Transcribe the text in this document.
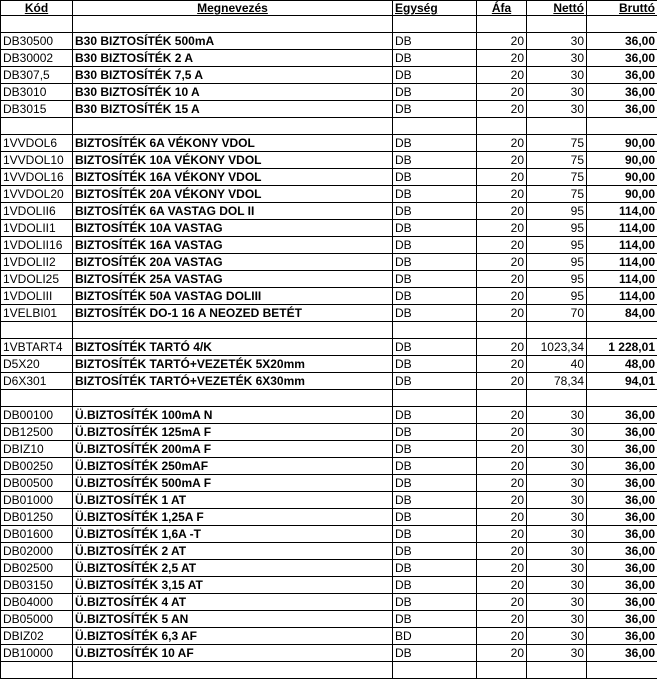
Kód	Megnevezés	Egység	Áfa	Nettó	Bruttó

DB30500	B30 BIZTOSÍTÉK 500mA	DB	20	30	36,00
DB30002	B30 BIZTOSÍTÉK 2 A	DB	20	30	36,00
DB307,5	B30 BIZTOSÍTÉK 7,5 A	DB	20	30	36,00
DB3010	B30 BIZTOSÍTÉK 10 A	DB	20	30	36,00
DB3015	B30 BIZTOSÍTÉK 15 A	DB	20	30	36,00

1VVDOL6	BIZTOSÍTÉK 6A VÉKONY VDOL	DB	20	75	90,00
1VVDOL10	BIZTOSÍTÉK 10A VÉKONY VDOL	DB	20	75	90,00
1VVDOL16	BIZTOSÍTÉK 16A VÉKONY VDOL	DB	20	75	90,00
1VVDOL20	BIZTOSÍTÉK 20A VÉKONY VDOL	DB	20	75	90,00
1VDOLII6	BIZTOSÍTÉK 6A VASTAG DOL II	DB	20	95	114,00
1VDOLII1	BIZTOSÍTÉK 10A VASTAG	DB	20	95	114,00
1VDOLII16	BIZTOSÍTÉK 16A VASTAG	DB	20	95	114,00
1VDOLII2	BIZTOSÍTÉK 20A VASTAG	DB	20	95	114,00
1VDOLI25	BIZTOSÍTÉK 25A VASTAG	DB	20	95	114,00
1VDOLIII	BIZTOSÍTÉK 50A VASTAG DOLIII	DB	20	95	114,00
1VELBI01	BIZTOSÍTÉK DO-1 16 A NEOZED BETÉT	DB	20	70	84,00

1VBTART4	BIZTOSÍTÉK TARTÓ 4/K	DB	20	1023,34	1 228,01
D5X20	BIZTOSÍTÉK TARTÓ+VEZETÉK 5X20mm	DB	20	40	48,00
D6X301	BIZTOSÍTÉK TARTÓ+VEZETÉK 6X30mm	DB	20	78,34	94,01

DB00100	Ü.BIZTOSÍTÉK 100mA N	DB	20	30	36,00
DB12500	Ü.BIZTOSÍTÉK 125mA F	DB	20	30	36,00
DBIZ10	Ü.BIZTOSÍTÉK 200mA F	DB	20	30	36,00
DB00250	Ü.BIZTOSÍTÉK 250mAF	DB	20	30	36,00
DB00500	Ü.BIZTOSÍTÉK 500mA F	DB	20	30	36,00
DB01000	Ü.BIZTOSÍTÉK 1 AT	DB	20	30	36,00
DB01250	Ü.BIZTOSÍTÉK 1,25A F	DB	20	30	36,00
DB01600	Ü.BIZTOSÍTÉK 1,6A -T	DB	20	30	36,00
DB02000	Ü.BIZTOSÍTÉK 2 AT	DB	20	30	36,00
DB02500	Ü.BIZTOSÍTÉK 2,5 AT	DB	20	30	36,00
DB03150	Ü.BIZTOSÍTÉK 3,15 AT	DB	20	30	36,00
DB04000	Ü.BIZTOSÍTÉK 4 AT	DB	20	30	36,00
DB05000	Ü.BIZTOSÍTÉK 5 AN	DB	20	30	36,00
DBIZ02	Ü.BIZTOSÍTÉK 6,3 AF	BD	20	30	36,00
DB10000	Ü.BIZTOSÍTÉK 10 AF	DB	20	30	36,00
